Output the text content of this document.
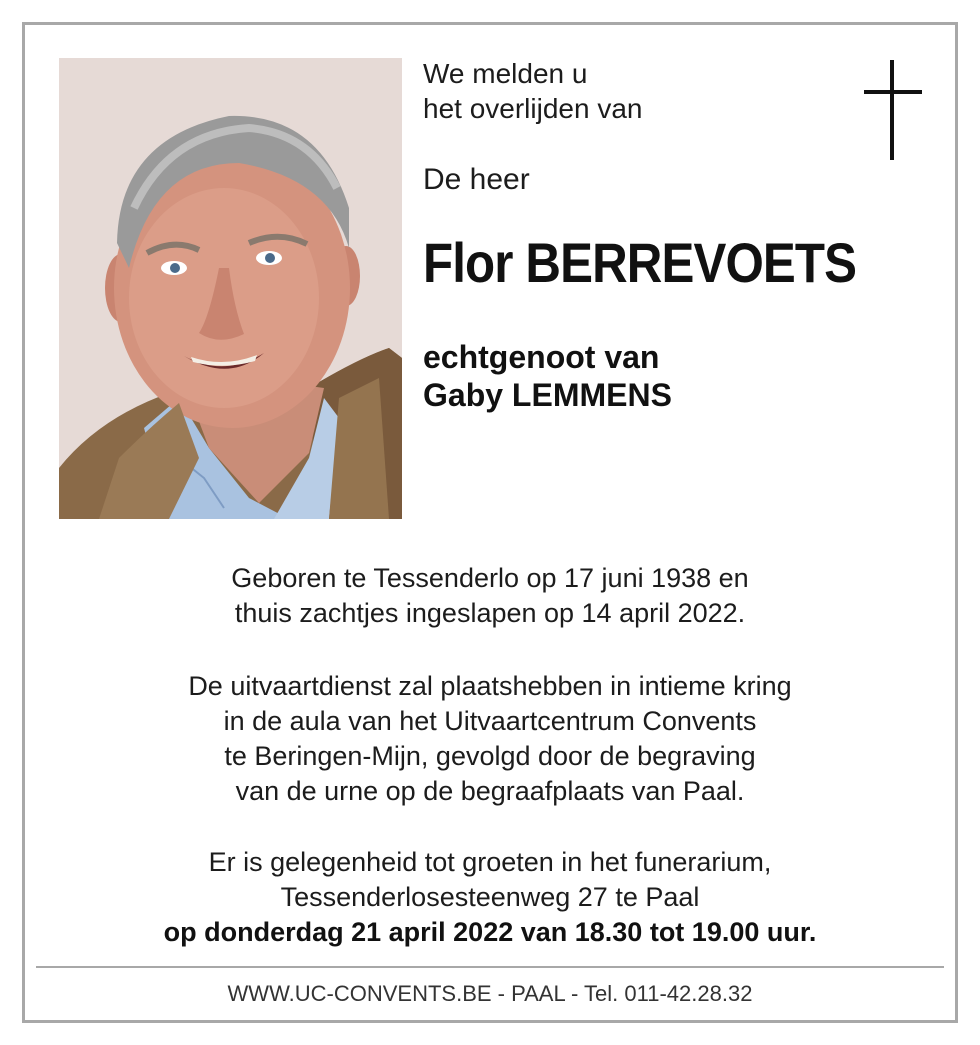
We melden u
het overlijden van
De heer
Flor BERREVOETS
echtgenoot van
Gaby LEMMENS
Geboren te Tessenderlo op 17 juni 1938 en
thuis zachtjes ingeslapen op 14 april 2022.
De uitvaartdienst zal plaatshebben in intieme kring
in de aula van het Uitvaartcentrum Convents
te Beringen-Mijn, gevolgd door de begraving
van de urne op de begraafplaats van Paal.
Er is gelegenheid tot groeten in het funerarium,
Tessenderlosesteenweg 27 te Paal
op donderdag 21 april 2022 van 18.30 tot 19.00 uur.
WWW.UC-CONVENTS.BE - PAAL - Tel. 011-42.28.32
